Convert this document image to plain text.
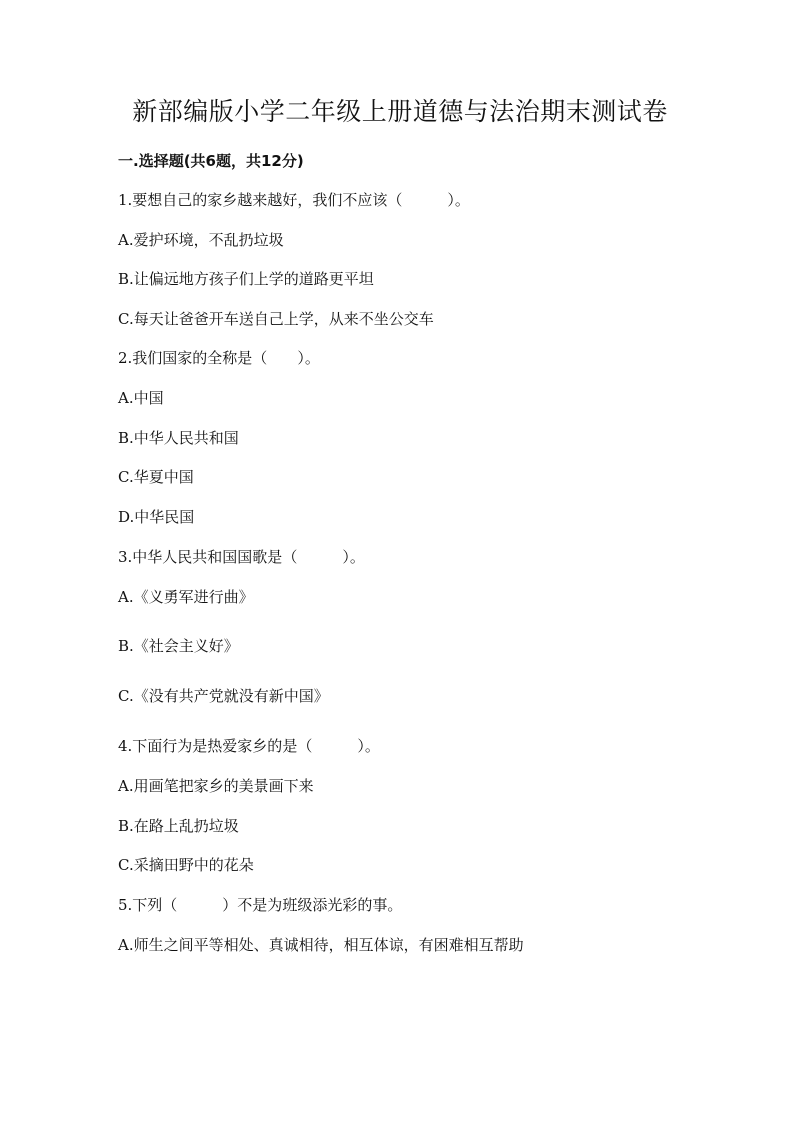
新部编版小学二年级上册道德与法治期末测试卷
一.选择题(共6题，共12分)
1.要想自己的家乡越来越好，我们不应该（　　　）。
A.爱护环境，不乱扔垃圾
B.让偏远地方孩子们上学的道路更平坦
C.每天让爸爸开车送自己上学，从来不坐公交车
2.我们国家的全称是（　　）。
A.中国
B.中华人民共和国
C.华夏中国
D.中华民国
3.中华人民共和国国歌是（　　　）。
A.《义勇军进行曲》
B.《社会主义好》
C.《没有共产党就没有新中国》
4.下面行为是热爱家乡的是（　　　）。
A.用画笔把家乡的美景画下来
B.在路上乱扔垃圾
C.采摘田野中的花朵
5.下列（　　　）不是为班级添光彩的事。
A.师生之间平等相处、真诚相待，相互体谅，有困难相互帮助
